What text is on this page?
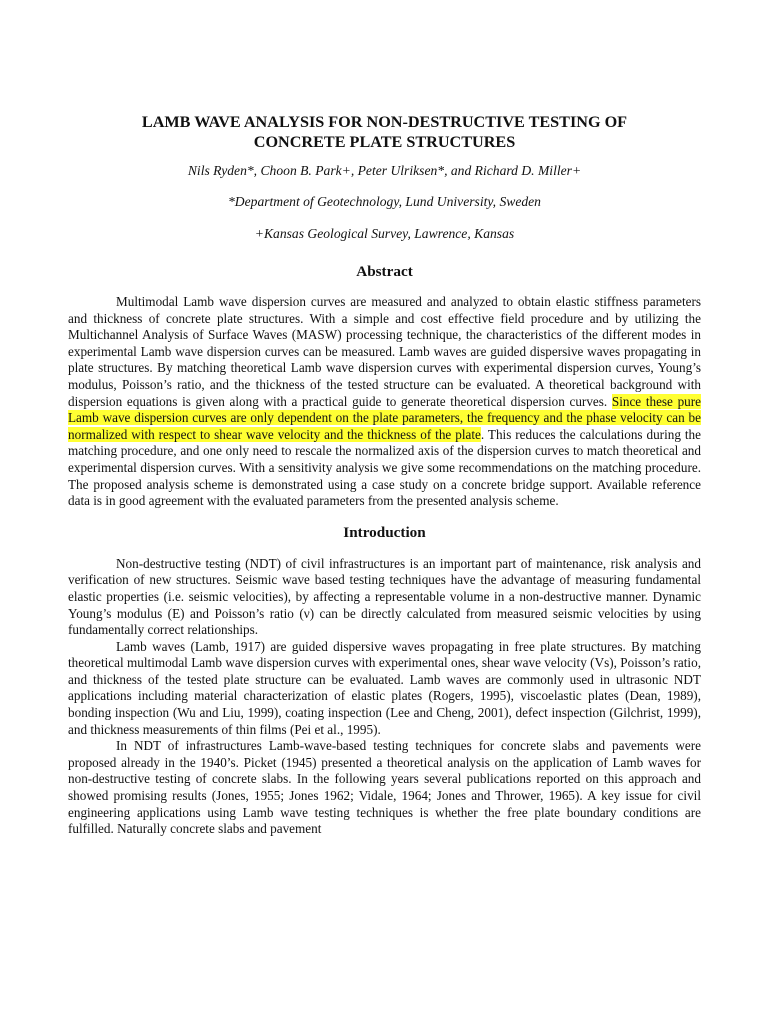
LAMB WAVE ANALYSIS FOR NON-DESTRUCTIVE TESTING OF
CONCRETE PLATE STRUCTURES

Nils Ryden*, Choon B. Park+, Peter Ulriksen*, and Richard D. Miller+

*Department of Geotechnology, Lund University, Sweden

+Kansas Geological Survey, Lawrence, Kansas

Abstract

Multimodal Lamb wave dispersion curves are measured and analyzed to obtain elastic stiffness parameters and thickness of concrete plate structures. With a simple and cost effective field procedure and by utilizing the Multichannel Analysis of Surface Waves (MASW) processing technique, the characteristics of the different modes in experimental Lamb wave dispersion curves can be measured. Lamb waves are guided dispersive waves propagating in plate structures. By matching theoretical Lamb wave dispersion curves with experimental dispersion curves, Young’s modulus, Poisson’s ratio, and the thickness of the tested structure can be evaluated. A theoretical background with dispersion equations is given along with a practical guide to generate theoretical dispersion curves. Since these pure Lamb wave dispersion curves are only dependent on the plate parameters, the frequency and the phase velocity can be normalized with respect to shear wave velocity and the thickness of the plate. This reduces the calculations during the matching procedure, and one only need to rescale the normalized axis of the dispersion curves to match theoretical and experimental dispersion curves. With a sensitivity analysis we give some recommendations on the matching procedure. The proposed analysis scheme is demonstrated using a case study on a concrete bridge support. Available reference data is in good agreement with the evaluated parameters from the presented analysis scheme.

Introduction

Non-destructive testing (NDT) of civil infrastructures is an important part of maintenance, risk analysis and verification of new structures. Seismic wave based testing techniques have the advantage of measuring fundamental elastic properties (i.e. seismic velocities), by affecting a representable volume in a non-destructive manner. Dynamic Young’s modulus (E) and Poisson’s ratio (ν) can be directly calculated from measured seismic velocities by using fundamentally correct relationships.

Lamb waves (Lamb, 1917) are guided dispersive waves propagating in free plate structures. By matching theoretical multimodal Lamb wave dispersion curves with experimental ones, shear wave velocity (Vs), Poisson’s ratio, and thickness of the tested plate structure can be evaluated. Lamb waves are commonly used in ultrasonic NDT applications including material characterization of elastic plates (Rogers, 1995), viscoelastic plates (Dean, 1989), bonding inspection (Wu and Liu, 1999), coating inspection (Lee and Cheng, 2001), defect inspection (Gilchrist, 1999), and thickness measurements of thin films (Pei et al., 1995).

In NDT of infrastructures Lamb-wave-based testing techniques for concrete slabs and pavements were proposed already in the 1940’s. Picket (1945) presented a theoretical analysis on the application of Lamb waves for non-destructive testing of concrete slabs. In the following years several publications reported on this approach and showed promising results (Jones, 1955; Jones 1962; Vidale, 1964; Jones and Thrower, 1965). A key issue for civil engineering applications using Lamb wave testing techniques is whether the free plate boundary conditions are fulfilled. Naturally concrete slabs and pavement
